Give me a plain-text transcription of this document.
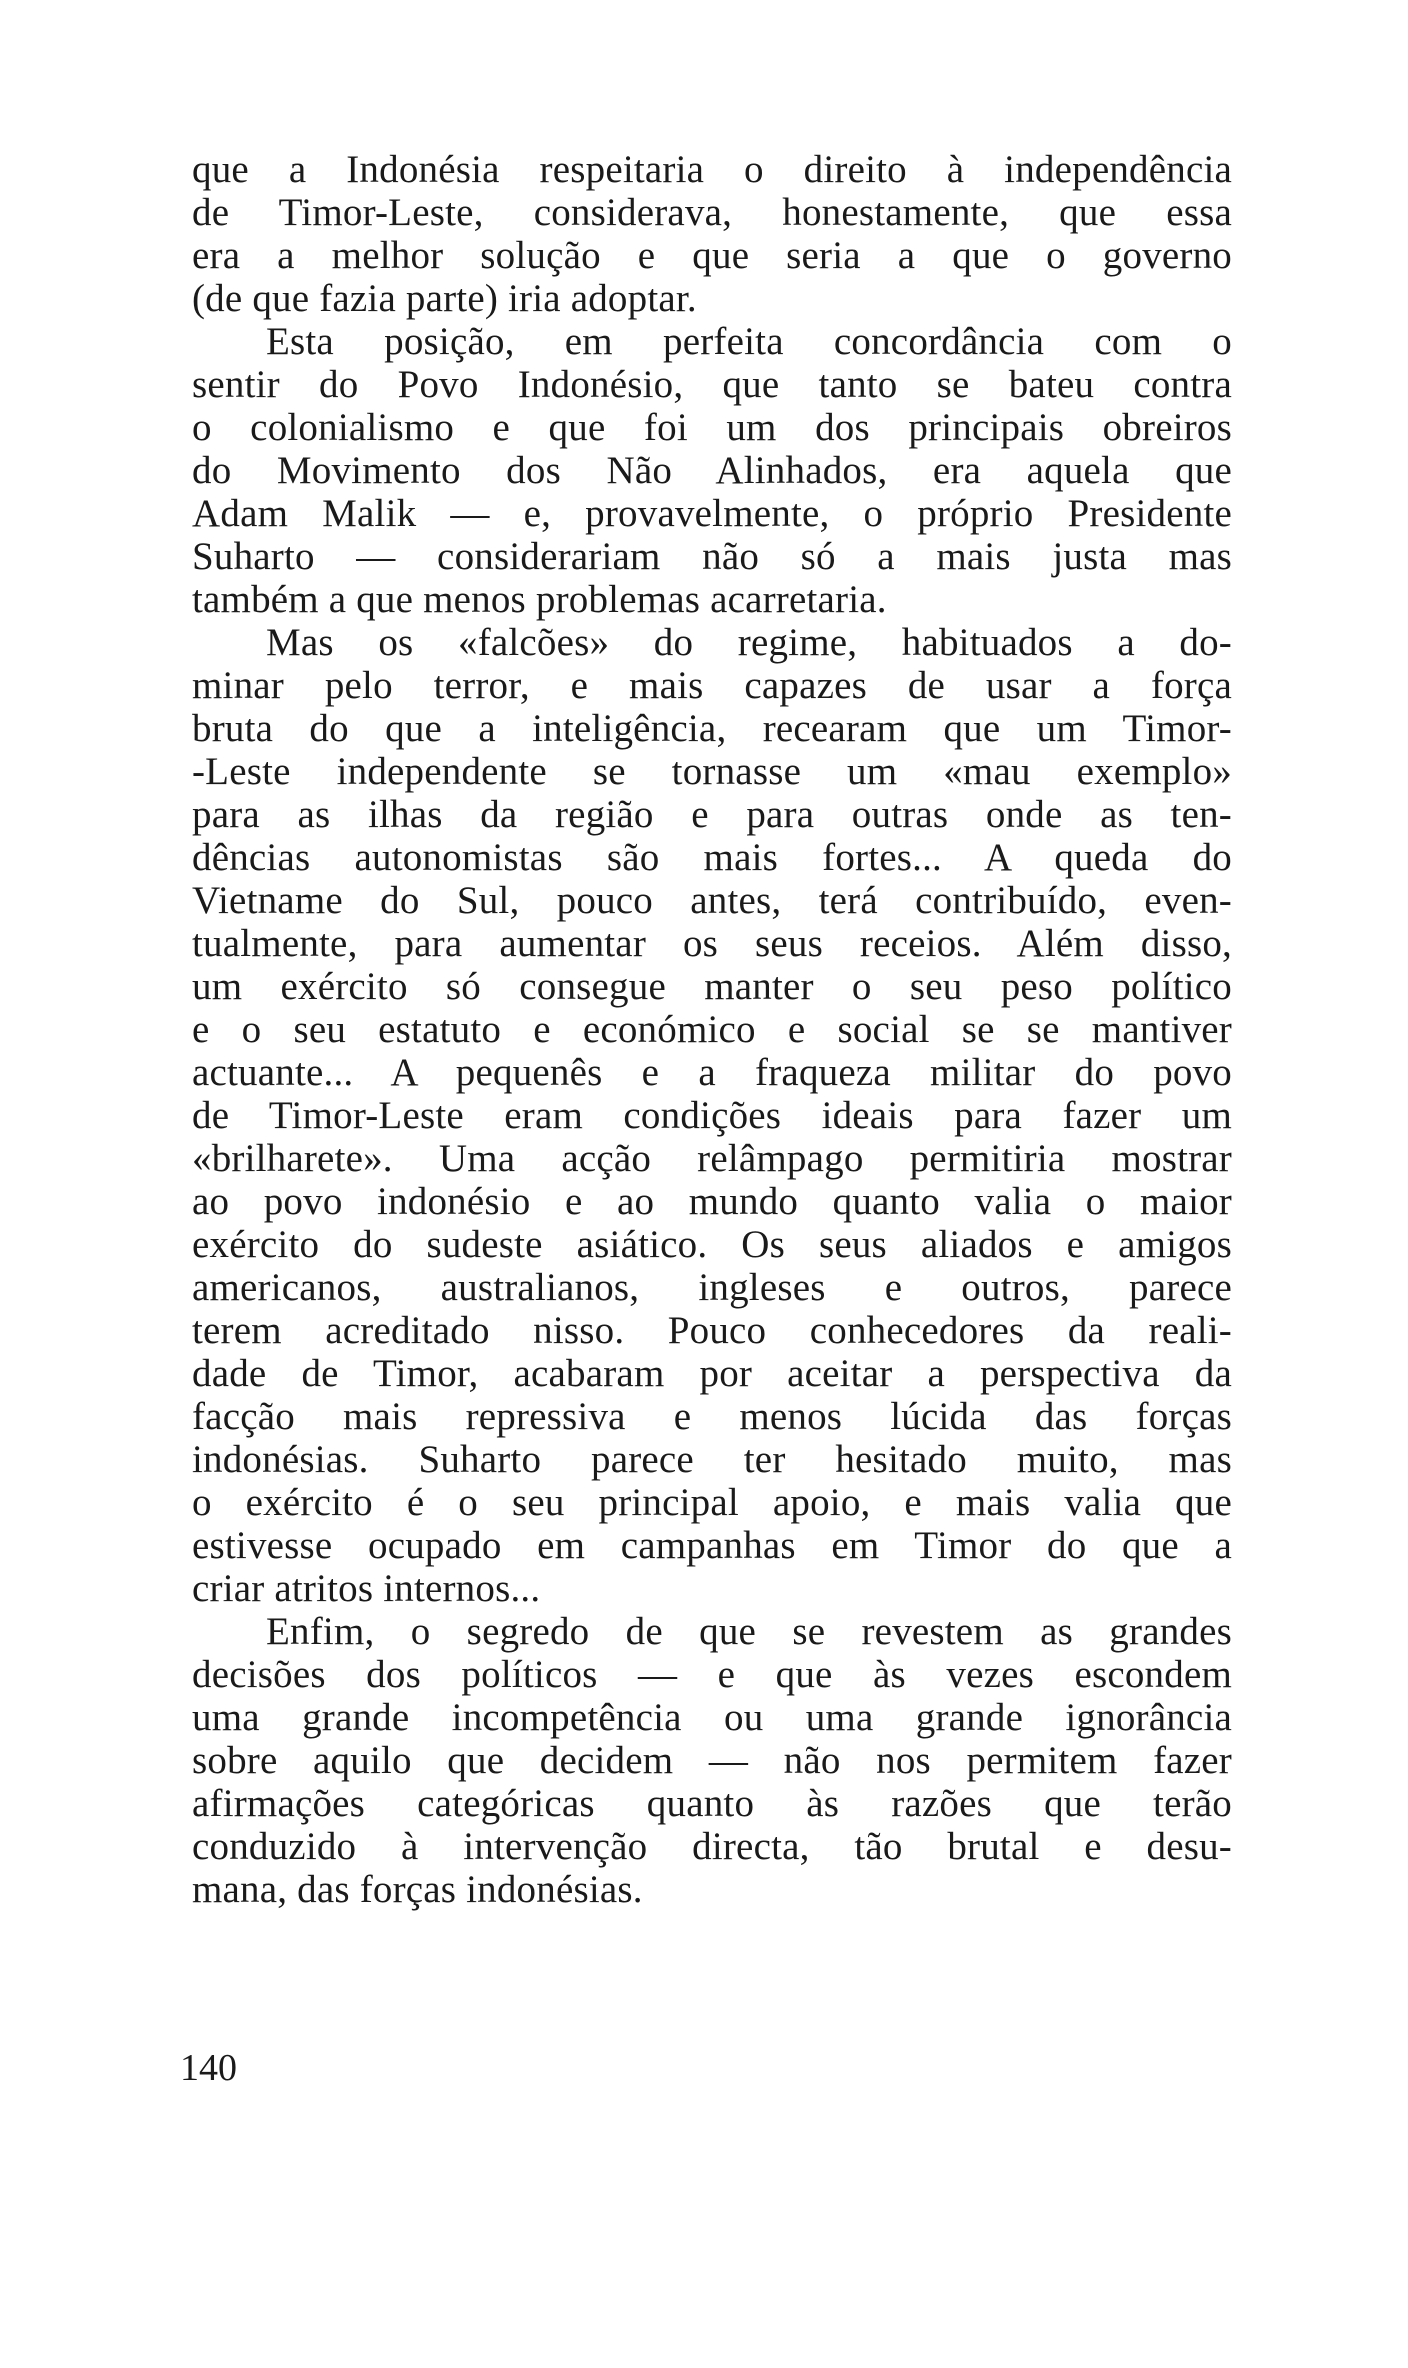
que a Indonésia respeitaria o direito à independência
de Timor-Leste, considerava, honestamente, que essa
era a melhor solução e que seria a que o governo
(de que fazia parte) iria adoptar.
Esta posição, em perfeita concordância com o
sentir do Povo Indonésio, que tanto se bateu contra
o colonialismo e que foi um dos principais obreiros
do Movimento dos Não Alinhados, era aquela que
Adam Malik — e, provavelmente, o próprio Presidente
Suharto — considerariam não só a mais justa mas
também a que menos problemas acarretaria.
Mas os «falcões» do regime, habituados a do-
minar pelo terror, e mais capazes de usar a força
bruta do que a inteligência, recearam que um Timor-
-Leste independente se tornasse um «mau exemplo»
para as ilhas da região e para outras onde as ten-
dências autonomistas são mais fortes... A queda do
Vietname do Sul, pouco antes, terá contribuído, even-
tualmente, para aumentar os seus receios. Além disso,
um exército só consegue manter o seu peso político
e o seu estatuto e económico e social se se mantiver
actuante... A pequenês e a fraqueza militar do povo
de Timor-Leste eram condições ideais para fazer um
«brilharete». Uma acção relâmpago permitiria mostrar
ao povo indonésio e ao mundo quanto valia o maior
exército do sudeste asiático. Os seus aliados e amigos
americanos, australianos, ingleses e outros, parece
terem acreditado nisso. Pouco conhecedores da reali-
dade de Timor, acabaram por aceitar a perspectiva da
facção mais repressiva e menos lúcida das forças
indonésias. Suharto parece ter hesitado muito, mas
o exército é o seu principal apoio, e mais valia que
estivesse ocupado em campanhas em Timor do que a
criar atritos internos...
Enfim, o segredo de que se revestem as grandes
decisões dos políticos — e que às vezes escondem
uma grande incompetência ou uma grande ignorância
sobre aquilo que decidem — não nos permitem fazer
afirmações categóricas quanto às razões que terão
conduzido à intervenção directa, tão brutal e desu-
mana, das forças indonésias.
140
